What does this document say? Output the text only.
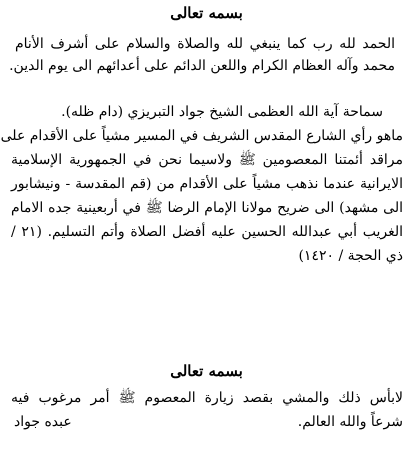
بسمه تعالى
الحمد لله رب كما ينبغي لله والصلاة والسلام على أشرف الأنام
محمد وآله العظام الكرام واللعن الدائم على أعدائهم الى يوم الدين.
سماحة آية الله العظمى الشيخ جواد التبريزي (دام ظله).
ماهو رأي الشارع المقدس الشريف في المسير مشياً على الأقدام على
مراقد أئمتنا المعصومين ﷺ ولاسيما نحن في الجمهورية الإسلامية
الايرانية عندما نذهب مشياً على الأقدام من (قم المقدسة - ونيشابور
الى مشهد) الى ضريح مولانا الإمام الرضا ﷺ في أربعينية جده الامام
الغريب أبي عبدالله الحسين عليه أفضل الصلاة وأتم التسليم. (٢١ /
ذي الحجة / ١٤٢٠)
بسمه تعالى
لابأس ذلك والمشي بقصد زيارة المعصوم ﷺ أمر مرغوب فيه
شرعاً والله العالم.
عبده جواد
